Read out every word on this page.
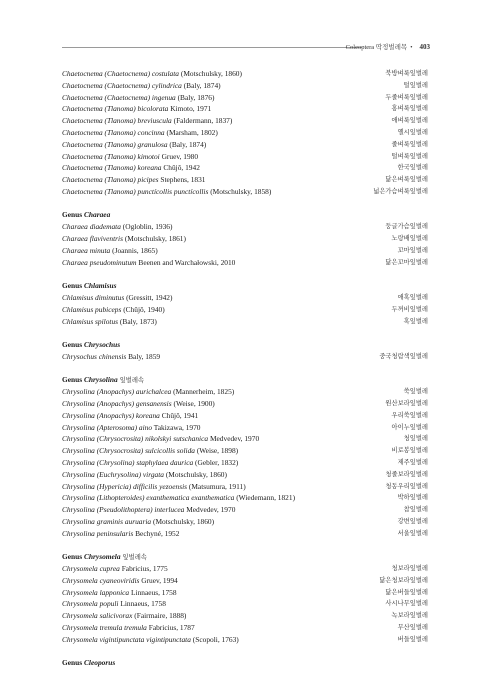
Coleoptera 딱정벌레목 • 403
Chaetocnema (Chaetocnema) costulata (Motschulsky, 1860)	북방벼룩잎벌레
Chaetocnema (Chaetocnema) cylindrica (Baly, 1874)	털잎벌레
Chaetocnema (Chaetocnema) ingenua (Baly, 1876)	두줄벼룩잎벌레
Chaetocnema (Tlanoma) bicolorata Kimoto, 1971	홍벼룩잎벌레
Chaetocnema (Tlanoma) breviuscula (Faldermann, 1837)	애벼룩잎벌레
Chaetocnema (Tlanoma) concinna (Marsham, 1802)	옐시잎벌레
Chaetocnema (Tlanoma) granulosa (Baly, 1874)	줄벼룩잎벌레
Chaetocnema (Tlanoma) kimotoi Gruev, 1980	털벼룩잎벌레
Chaetocnema (Tlanoma) koreana Chûjô, 1942	한국잎벌레
Chaetocnema (Tlanoma) picipes Stephens, 1831	닮은벼룩잎벌레
Chaetocnema (Tlanoma) punctícollis punctícollis (Motschulsky, 1858)	넓은가슴벼룩잎벌레
Genus Charaea
Charaea diademata (Ogloblin, 1936)	둥글가슴잎벌레
Charaea flaviventris (Motschulsky, 1861)	노랑배잎벌레
Charaea minuta (Joannis, 1865)	꼬마잎벌레
Charaea pseudominutum Beenen and Warchałowski, 2010	닮은꼬마잎벌레
Genus Chlamisus
Chlamisus diminutus (Gressitt, 1942)	애혹잎벌레
Chlamisus pubiceps (Chûjô, 1940)	두꺼비잎벌레
Chlamisus spilotus (Baly, 1873)	혹잎벌레
Genus Chrysochus
Chrysochus chinensis Baly, 1859	중국청람색잎벌레
Genus Chrysolina 잎벌레속
Chrysolina (Anopachys) aurichalcea (Mannerheim, 1825)	쑥잎벌레
Chrysolina (Anopachys) gensanensis (Weise, 1900)	원산보라잎벌레
Chrysolina (Anopachys) koreana Chûjô, 1941	우리쑥잎벌레
Chrysolina (Apterosoma) aino Takizawa, 1970	아이누잎벌레
Chrysolina (Chrysocrosita) nikolskyi sutschanica Medvedev, 1970	청잎벌레
Chrysolina (Chrysocrosita) sulcicollis solida (Weise, 1898)	비로봉잎벌레
Chrysolina (Chrysolina) staphylaea daurica (Gebler, 1832)	제주잎벌레
Chrysolina (Euchrysolina) virgata (Motschulsky, 1860)	청줄보라잎벌레
Chrysolina (Hypericia) difficilis yezoensis (Matsumura, 1911)	청동우리잎벌레
Chrysolina (Lithopteroides) exanthematica exanthematica (Wiedemann, 1821)	박하잎벌레
Chrysolina (Pseudolithoptera) interlucea Medvedev, 1970	참잎벌레
Chrysolina graminis auruaria (Motschulsky, 1860)	강변잎벌레
Chrysolina peninsularis Bechyné, 1952	서울잎벌레
Genus Chrysomela 잎벌레속
Chrysomela cuprea Fabricius, 1775	청보라잎벌레
Chrysomela cyaneoviridis Gruev, 1994	닮은청보라잎벌레
Chrysomela lapponica Linnaeus, 1758	닮은버들잎벌레
Chrysomela populi Linnaeus, 1758	사시나무잎벌레
Chrysomela salicivorax (Fairmaire, 1888)	녹보라잎벌레
Chrysomela tremula tremula Fabricius, 1787	무산잎벌레
Chrysomela vigintipunctata vigintipunctata (Scopoli, 1763)	버들잎벌레
Genus Cleoporus
